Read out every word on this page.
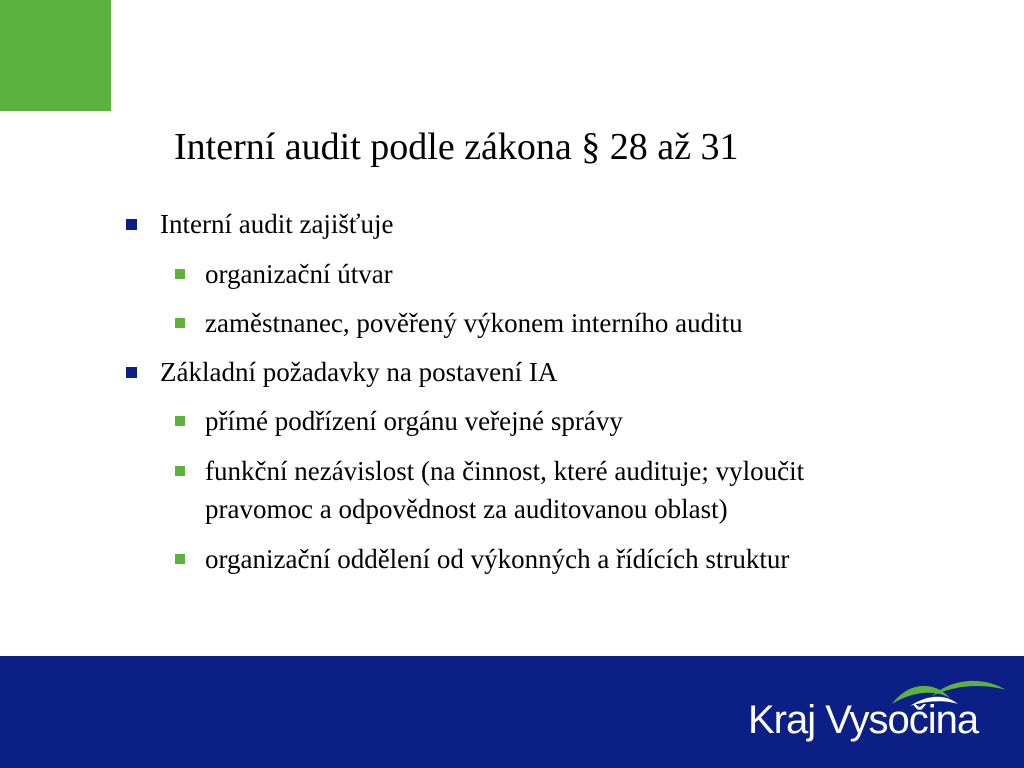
Interní audit podle zákona § 28 až 31
Interní audit zajišťuje
organizační útvar
zaměstnanec, pověřený výkonem interního auditu
Základní požadavky na postavení IA
přímé podřízení orgánu veřejné správy
funkční nezávislost (na činnost, které audituje; vyloučit
pravomoc a odpovědnost za auditovanou oblast)
organizační oddělení od výkonných a řídících struktur
Kraj Vysočina
